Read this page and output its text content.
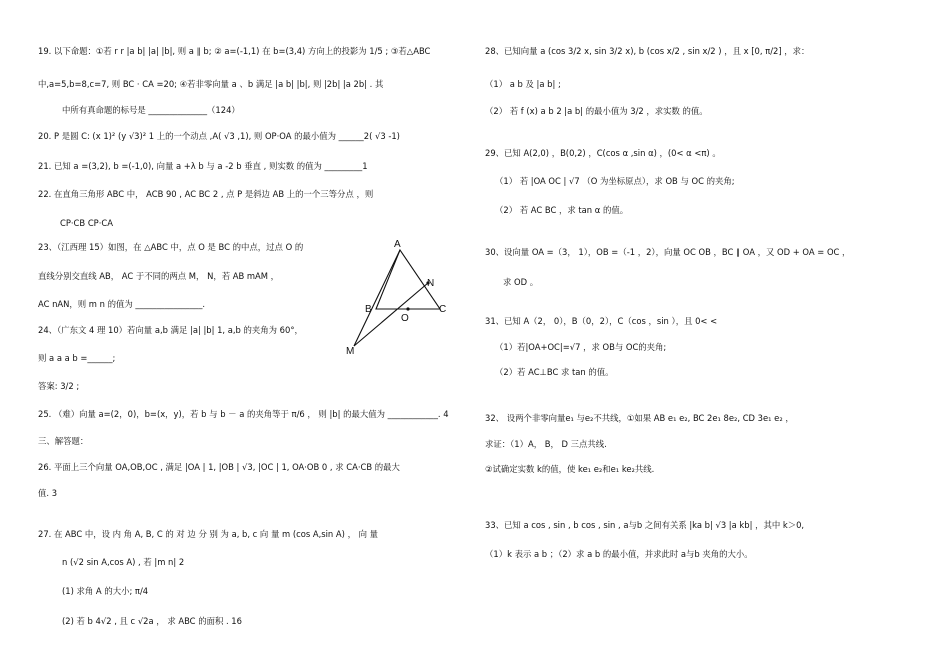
19. 以下命题：①若 r r |a b| |a| |b|, 则 a ∥ b; ② a=(-1,1) 在 b=(3,4) 方向上的投影为 1/5 ; ③若△ABC
中,a=5,b=8,c=7, 则 BC · CA =20; ④若非零向量 a 、b 满足 |a b| |b|, 则 |2b| |a 2b| . 其
中所有真命题的标号是 ______________（124）
20. P 是圆 C: (x 1)² (y √3)² 1 上的一个动点 ,A( √3 ,1), 则 OP·OA 的最小值为 ______2( √3 -1)
21. 已知 a =(3,2), b =(-1,0), 向量 a +λ b 与 a -2 b 垂直 , 则实数 的值为 _________1
22. 在直角三角形 ABC 中， ACB 90 , AC BC 2 , 点 P 是斜边 AB 上的一个三等分点 ，则
CP·CB CP·CA
23、（江西理 15）如图，在 △ABC 中，点 O 是 BC 的中点，过点 O 的
直线分别交直线 AB， AC 于不同的两点 M， N，若 AB mAM ，
AC nAN，则 m n 的值为 ________________.
24、（广东文 4 理 10）若向量 a,b 满足 |a| |b| 1, a,b 的夹角为 60°，
则 a a a b =______;
答案: 3/2 ;
25. （难）向量 a=(2，0)，b=(x，y)，若 b 与 b － a 的夹角等于 π/6 ， 则 |b| 的最大值为 ____________. 4
三、解答题：
26. 平面上三个向量 OA,OB,OC , 满足 |OA | 1, |OB | √3, |OC | 1, OA·OB 0 , 求 CA·CB 的最大
值. 3
27. 在 ABC 中，设 内 角 A, B, C 的 对 边 分 别 为 a, b, c 向 量 m (cos A,sin A) ， 向 量
n (√2 sin A,cos A) , 若 |m n| 2
(1) 求角 A 的大小; π/4
(2) 若 b 4√2 , 且 c √2a ， 求 ABC 的面积 . 16
A
N
B
O
C
M
28、已知向量 a (cos 3/2 x, sin 3/2 x), b (cos x/2 , sin x/2 ) ，且 x [0, π/2] ，求：
（1） a b 及 |a b| ;
（2） 若 f (x) a b 2 |a b| 的最小值为 3/2 ，求实数 的值。
29、已知 A(2,0) ，B(0,2) ，C(cos α ,sin α) ，(0< α <π) 。
（1） 若 |OA OC | √7 （O 为坐标原点），求 OB 与 OC 的夹角;
（2） 若 AC BC ，求 tan α 的值。
30、设向量 OA =（3， 1），OB =（-1 ，2），向量 OC OB ，BC ∥ OA ，又 OD + OA = OC ，
求 OD 。
31、已知 A（2， 0），B（0，2），C（cos ，sin ），且 0< <
（1）若|OA+OC|=√7 ，求 OB与 OC的夹角;
（2）若 AC⊥BC 求 tan 的值。
32、 设两个非零向量e₁ 与e₂不共线，①如果 AB e₁ e₂, BC 2e₁ 8e₂, CD 3e₁ e₂ ，
求证：（1）A， B， D 三点共线.
②试确定实数 k的值，使 ke₁ e₂和e₁ ke₂共线.
33、已知 a cos , sin , b cos , sin , a与b 之间有关系 |ka b| √3 |a kb| ，其中 k＞0,
（1）k 表示 a b ；（2）求 a b 的最小值，并求此时 a与b 夹角的大小。
